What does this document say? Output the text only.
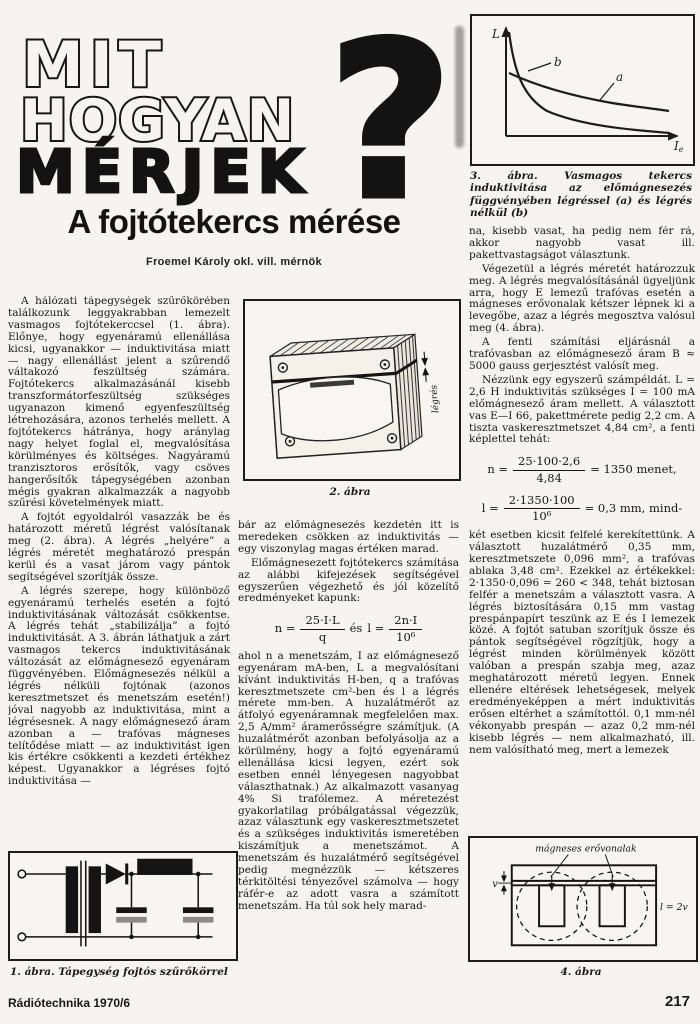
MIT
HOGYAN
MÉRJEK ?
A fojtótekercs mérése
Froemel Károly okl. vill. mérnök
L
Ie
b
a
3. ábra. Vasmagos tekercs induktivitása az előmágnesezés függvényében légréssel (a) és légrés nélkül (b)
légrés
2. ábra

A hálózati tápegységek szűrőkörében találkozunk leggyakrabban lemezelt vasmagos fojtótekerccsel (1. ábra). Előnye, hogy egyenáramú ellenállása kicsi, ugyanakkor — induktivitása miatt — nagy ellenállást jelent a szűrendő váltakozó feszültség számára. Fojtótekercs alkalmazásánál kisebb transzformátorfeszültség szükséges ugyanazon kimenő egyenfeszültség létrehozására, azonos terhelés mellett. A fojtótekercs hátránya, hogy aránylag nagy helyet foglal el, megvalósítása körülményes és költséges. Nagyáramú tranzisztoros erősítők, vagy csöves hangerősítők tápegységében azonban mégis gyakran alkalmazzák a nagyobb szűrési követelmények miatt.

A fojtót egyoldalról vasazzák be és határozott méretű légrést valósítanak meg (2. ábra). A légrés „helyére” a légrés méretét meghatározó prespán kerül és a vasat járom vagy pántok segítségével szorítják össze.

A légrés szerepe, hogy különböző egyenáramú terhelés esetén a fojtó induktivitásának változását csökkentse. A légrés tehát „stabilizálja” a fojtó induktivitását. A 3. ábrán láthatjuk a zárt vasmagos tekercs induktivitásának változását az előmágnesező egyenáram függvényében. Előmágnesezés nélkül a légrés nélküli fojtónak (azonos keresztmetszet és menetszám esetén!) jóval nagyobb az induktivitása, mint a légrésesnek. A nagy előmágnesező áram azonban a — trafóvas mágneses telítődése miatt — az induktivitást igen kis értékre csökkenti a kezdeti értékhez képest. Ugyanakkor a légréses fojtó induktivitása —

bár az előmágnesezés kezdetén itt is meredeken csökken az induktivitás — egy viszonylag magas értéken marad.

Előmágnesezett fojtótekercs számítása az alábbi kifejezések segítségével egyszerűen végezhető és jól közelítő eredményeket kapunk:

$n = \frac{25\cdot I\cdot L}{q}$ és $l = \frac{2n\cdot I}{\text{10⁶}}$

ahol n a menetszám, I az előmágnesező egyenáram mA-ben, L a megvalósítani kívánt induktivitás H-ben, q a trafóvas keresztmetszete cm²-ben és l a légrés mérete mm-ben. A huzalátmérőt az átfolyó egyenáramnak megfelelően max. 2,5 A/mm² áramerősségre számítjuk. (A huzalátmérőt azonban befolyásolja az a körülmény, hogy a fojtó egyenáramú ellenállása kicsi legyen, ezért sok esetben ennél lényegesen nagyobbat választhatnak.) Az alkalmazott vasanyag 4% Si trafólemez. A méretezést gyakorlatilag próbálgatással végezzük, azaz választunk egy vaskeresztmetszetet és a szükséges induktivitás ismeretében kiszámítjuk a menetszámot. A menetszám és huzalátmérő segítségével pedig megnézzük — kétszeres térkitöltési tényezővel számolva — hogy ráfér-e az adott vasra a számított menetszám. Ha túl sok hely marad-

na, kisebb vasat, ha pedig nem fér rá, akkor nagyobb vasat ill. pakettvastagságot választunk.

Végezetül a légrés méretét határozzuk meg. A légrés megvalósításánál ügyeljünk arra, hogy E lemezű trafóvas esetén a mágneses erővonalak kétszer lépnek ki a levegőbe, azaz a légrés megosztva valósul meg (4. ábra).

A fenti számítási eljárásnál a trafóvasban az előmágnesező áram B ≈ 5000 gauss gerjesztést valósít meg.

Nézzünk egy egyszerű számpéldát. L = 2,6 H induktivitás szükséges I = 100 mA előmágnesező áram mellett. A választott vas E—I 66, pakettmérete pedig 2,2 cm. A tiszta vaskeresztmetszet 4,84 cm², a fenti képlettel tehát:

$n = \frac{25\cdot 100\cdot 2,6}{4,84} = 1350$ menet,
$l = \frac{2\cdot 1350\cdot 100}{\text{10⁶}} = 0,3$ mm, mind-

két esetben kicsit felfelé kerekítettünk. A választott huzalátmérő 0,35 mm, keresztmetszete 0,096 mm², a trafóvas ablaka 3,48 cm². Ezekkel az értékekkel: 2·1350·0,096 = 260 < 348, tehát biztosan felfér a menetszám a választott vasra. A légrés biztosítására 0,15 mm vastag prespánpapírt teszünk az E és I lemezek közé. A fojtót satuban szorítjuk össze és pántok segítségével rögzítjük, hogy a légrést minden körülmények között valóban a prespán szabja meg, azaz meghatározott méretű legyen. Ennek ellenére eltérések lehetségesek, melyek eredményeképpen a mért induktivitás erősen eltérhet a számítottól. 0,1 mm-nél vékonyabb prespán — azaz 0,2 mm-nél kisebb légrés — nem alkalmazható, ill. nem valósítható meg, mert a lemezek

1. ábra. Tápegység fojtós szűrőkörrel
mágneses erővonalak
v
l = 2v
4. ábra
Rádiótechnika 1970/6	217
